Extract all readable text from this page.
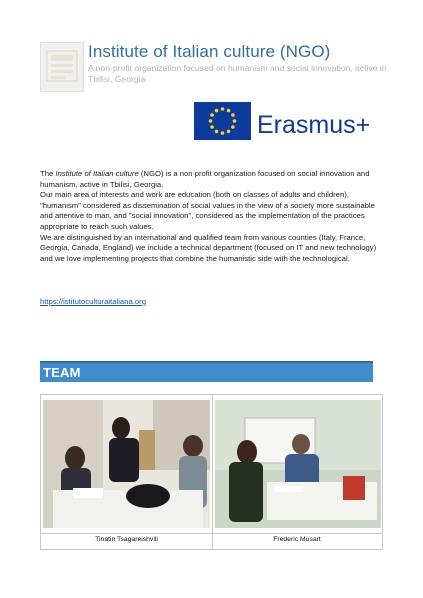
Institute of Italian culture (NGO)
A non-profit organization focused on humanism and social innovation, active in Tbilisi, Georgia
Erasmus+

The Institute of Italian culture (NGO) is a non profit organization focused on social innovation and humanism, active in Tbilisi, Georgia.

Our main area of interests and work are education (both on classes of adults and children), "humanism" considered as dissemination of social values in the view of a society more sustainable and attentive to man, and "social innovation", considered as the implementation of the practices appropriate to reach such values.

We are distinguished by an international and qualified team from various counties (Italy, France, Georgia, Canada, England) we include a technical department (focused on IT and new technology) and we love implementing projects that combine the humanistic side with the technological.

https://istitutoculturaitaliana.org
TEAM
Tinatin Tsagareishvili	Frederic Musart
